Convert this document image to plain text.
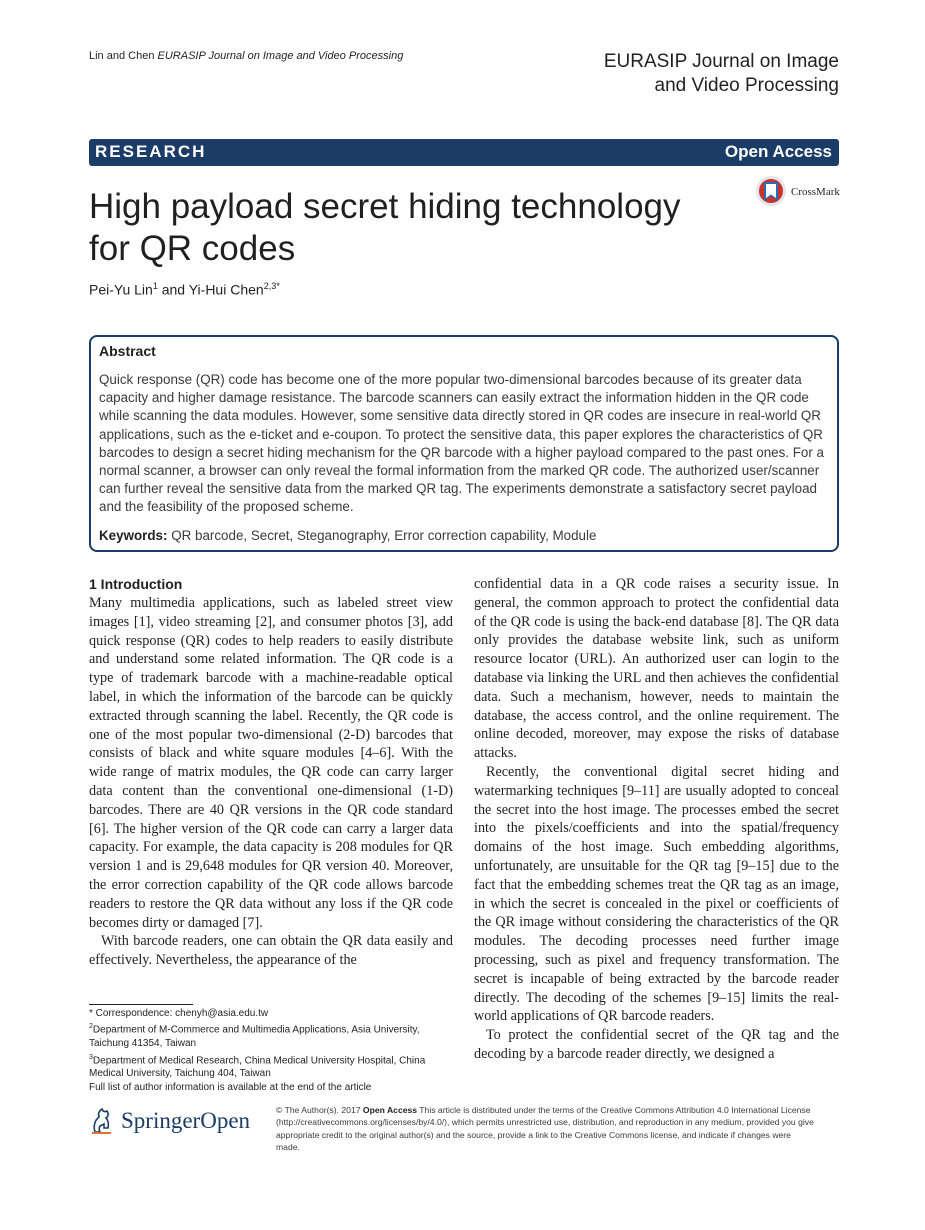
Lin and Chen EURASIP Journal on Image and Video Processing	EURASIP Journal on Image
and Video Processing
RESEARCH	Open Access
High payload secret hiding technology for QR codes
CrossMark
Pei-Yu Lin$^1$ and Yi-Hui Chen$^{2,3*}$
Abstract
Quick response (QR) code has become one of the more popular two-dimensional barcodes because of its greater data capacity and higher damage resistance. The barcode scanners can easily extract the information hidden in the QR code while scanning the data modules. However, some sensitive data directly stored in QR codes are insecure in real-world QR applications, such as the e-ticket and e-coupon. To protect the sensitive data, this paper explores the characteristics of QR barcodes to design a secret hiding mechanism for the QR barcode with a higher payload compared to the past ones. For a normal scanner, a browser can only reveal the formal information from the marked QR code. The authorized user/scanner can further reveal the sensitive data from the marked QR tag. The experiments demonstrate a satisfactory secret payload and the feasibility of the proposed scheme.
Keywords: QR barcode, Secret, Steganography, Error correction capability, Module
1 Introduction

Many multimedia applications, such as labeled street view images [1], video streaming [2], and consumer photos [3], add quick response (QR) codes to help readers to easily distribute and understand some related information. The QR code is a type of trademark barcode with a machine-readable optical label, in which the information of the barcode can be quickly extracted through scanning the label. Recently, the QR code is one of the most popular two-dimensional (2-D) barcodes that consists of black and white square modules [4–6]. With the wide range of matrix modules, the QR code can carry larger data content than the conventional one-dimensional (1-D) barcodes. There are 40 QR versions in the QR code standard [6]. The higher version of the QR code can carry a larger data capacity. For example, the data capacity is 208 modules for QR version 1 and is 29,648 modules for QR version 40. Moreover, the error correction capability of the QR code allows barcode readers to restore the QR data without any loss if the QR code becomes dirty or damaged [7].

With barcode readers, one can obtain the QR data easily and effectively. Nevertheless, the appearance of the

confidential data in a QR code raises a security issue. In general, the common approach to protect the confidential data of the QR code is using the back-end database [8]. The QR data only provides the database website link, such as uniform resource locator (URL). An authorized user can login to the database via linking the URL and then achieves the confidential data. Such a mechanism, however, needs to maintain the database, the access control, and the online requirement. The online decoded, moreover, may expose the risks of database attacks.

Recently, the conventional digital secret hiding and watermarking techniques [9–11] are usually adopted to conceal the secret into the host image. The processes embed the secret into the pixels/coefficients and into the spatial/frequency domains of the host image. Such embedding algorithms, unfortunately, are unsuitable for the QR tag [9–15] due to the fact that the embedding schemes treat the QR tag as an image, in which the secret is concealed in the pixel or coefficients of the QR image without considering the characteristics of the QR modules. The decoding processes need further image processing, such as pixel and frequency transformation. The secret is incapable of being extracted by the barcode reader directly. The decoding of the schemes [9–15] limits the real-world applications of QR barcode readers.

To protect the confidential secret of the QR tag and the decoding by a barcode reader directly, we designed a

* Correspondence: chenyh@asia.edu.tw

$^2$Department of M-Commerce and Multimedia Applications, Asia University, Taichung 41354, Taiwan

$^3$Department of Medical Research, China Medical University Hospital, China Medical University, Taichung 404, Taiwan

Full list of author information is available at the end of the article

SpringerOpen	© The Author(s). 2017 Open Access This article is distributed under the terms of the Creative Commons Attribution 4.0 International License (http://creativecommons.org/licenses/by/4.0/), which permits unrestricted use, distribution, and reproduction in any medium, provided you give appropriate credit to the original author(s) and the source, provide a link to the Creative Commons license, and indicate if changes were made.
